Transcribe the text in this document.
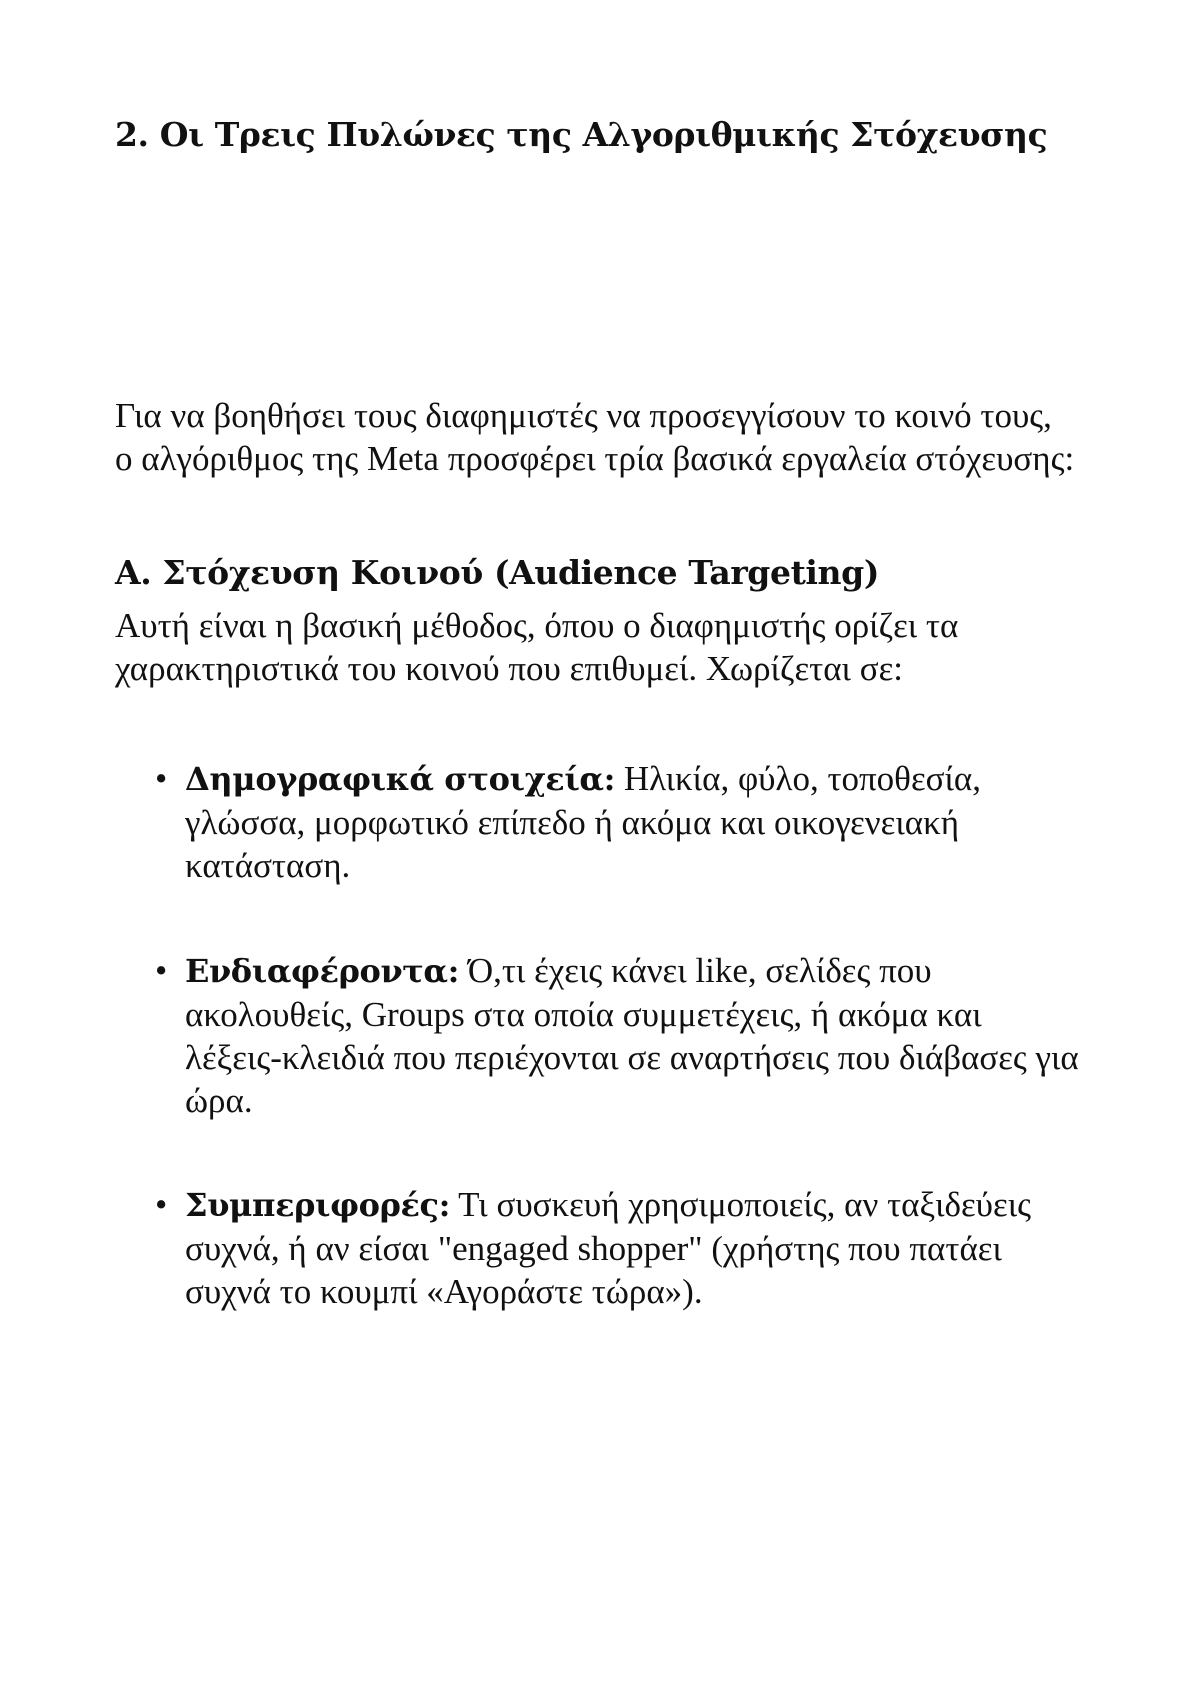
2. Οι Τρεις Πυλώνες της Αλγοριθμικής Στόχευσης

Για να βοηθήσει τους διαφημιστές να προσεγγίσουν το κοινό τους, ο αλγόριθμος της Meta προσφέρει τρία βασικά εργαλεία στόχευσης:

Α. Στόχευση Κοινού (Audience Targeting)

Αυτή είναι η βασική μέθοδος, όπου ο διαφημιστής ορίζει τα χαρακτηριστικά του κοινού που επιθυμεί. Χωρίζεται σε:

• Δημογραφικά στοιχεία: Ηλικία, φύλο, τοποθεσία, γλώσσα, μορφωτικό επίπεδο ή ακόμα και οικογενειακή κατάσταση.
• Ενδιαφέροντα: Ό,τι έχεις κάνει like, σελίδες που ακολουθείς, Groups στα οποία συμμετέχεις, ή ακόμα και λέξεις-κλειδιά που περιέχονται σε αναρτήσεις που διάβασες για ώρα.
• Συμπεριφορές: Τι συσκευή χρησιμοποιείς, αν ταξιδεύεις συχνά, ή αν είσαι "engaged shopper" (χρήστης που πατάει συχνά το κουμπί «Αγοράστε τώρα»).
